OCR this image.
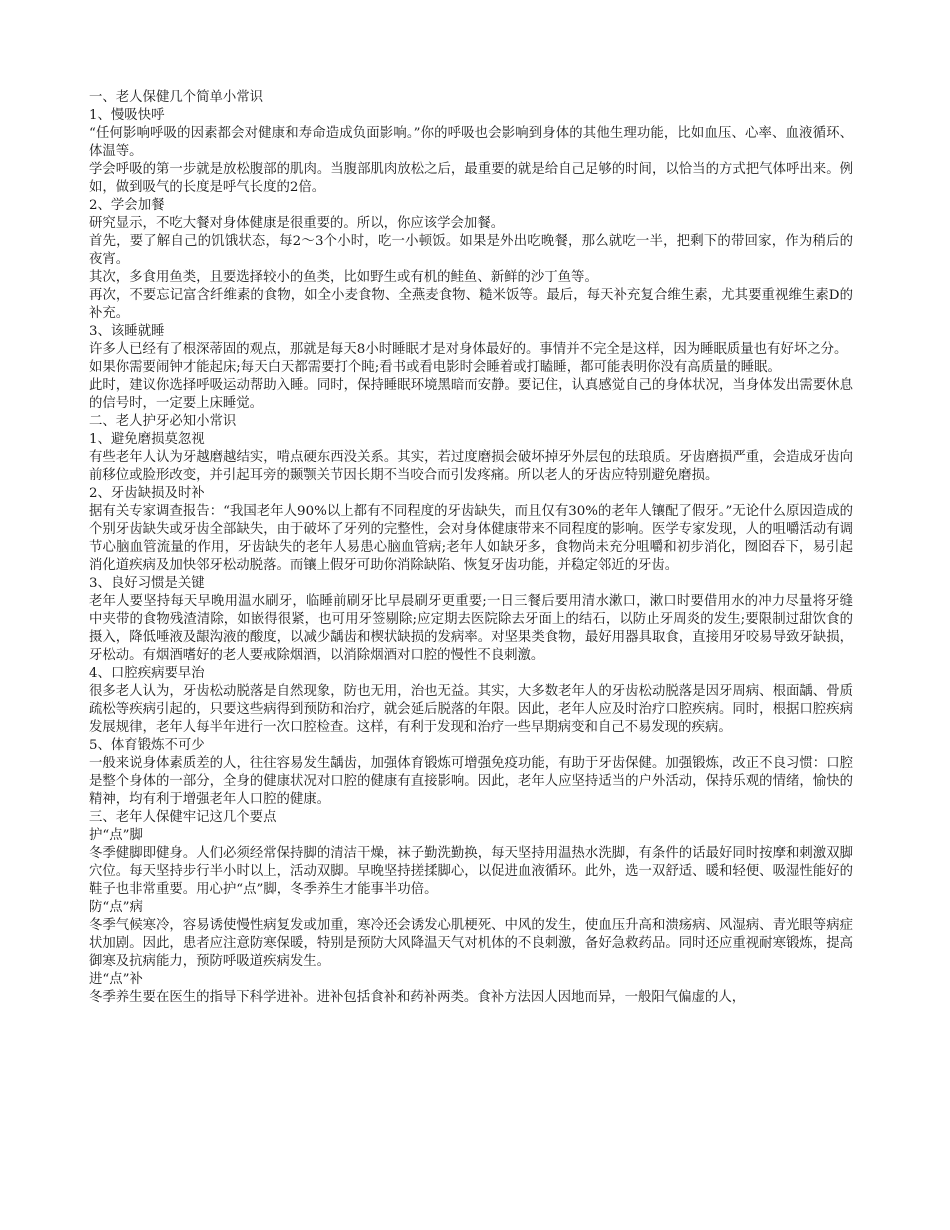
一、老人保健几个简单小常识

1、慢吸快呼

“任何影响呼吸的因素都会对健康和寿命造成负面影响。”你的呼吸也会影响到身体的其他生理功能，比如血压、心率、血液循环、体温等。

学会呼吸的第一步就是放松腹部的肌肉。当腹部肌肉放松之后，最重要的就是给自己足够的时间，以恰当的方式把气体呼出来。例如，做到吸气的长度是呼气长度的2倍。

2、学会加餐

研究显示，不吃大餐对身体健康是很重要的。所以，你应该学会加餐。

首先，要了解自己的饥饿状态，每2～3个小时，吃一小顿饭。如果是外出吃晚餐，那么就吃一半，把剩下的带回家，作为稍后的夜宵。

其次，多食用鱼类，且要选择较小的鱼类，比如野生或有机的鲑鱼、新鲜的沙丁鱼等。

再次，不要忘记富含纤维素的食物，如全小麦食物、全燕麦食物、糙米饭等。最后，每天补充复合维生素，尤其要重视维生素D的补充。

3、该睡就睡

许多人已经有了根深蒂固的观点，那就是每天8小时睡眠才是对身体最好的。事情并不完全是这样，因为睡眠质量也有好坏之分。

如果你需要闹钟才能起床;每天白天都需要打个盹;看书或看电影时会睡着或打瞌睡，都可能表明你没有高质量的睡眠。

此时，建议你选择呼吸运动帮助入睡。同时，保持睡眠环境黑暗而安静。要记住，认真感觉自己的身体状况，当身体发出需要休息的信号时，一定要上床睡觉。

二、老人护牙必知小常识

1、避免磨损莫忽视

有些老年人认为牙越磨越结实，啃点硬东西没关系。其实，若过度磨损会破坏掉牙外层包的珐琅质。牙齿磨损严重，会造成牙齿向前移位或脸形改变，并引起耳旁的颞颚关节因长期不当咬合而引发疼痛。所以老人的牙齿应特别避免磨损。

2、牙齿缺损及时补

据有关专家调查报告：“我国老年人90%以上都有不同程度的牙齿缺失，而且仅有30%的老年人镶配了假牙。”无论什么原因造成的个别牙齿缺失或牙齿全部缺失，由于破坏了牙列的完整性，会对身体健康带来不同程度的影响。医学专家发现，人的咀嚼活动有调节心脑血管流量的作用，牙齿缺失的老年人易患心脑血管病;老年人如缺牙多，食物尚未充分咀嚼和初步消化，囫囵吞下，易引起消化道疾病及加快邻牙松动脱落。而镶上假牙可助你消除缺陷、恢复牙齿功能，并稳定邻近的牙齿。

3、良好习惯是关键

老年人要坚持每天早晚用温水刷牙，临睡前刷牙比早晨刷牙更重要;一日三餐后要用清水漱口，漱口时要借用水的冲力尽量将牙缝中夹带的食物残渣清除，如嵌得很紧，也可用牙签剔除;应定期去医院除去牙面上的结石，以防止牙周炎的发生;要限制过甜饮食的摄入，降低唾液及龈沟液的酸度，以减少龋齿和楔状缺损的发病率。对坚果类食物，最好用器具取食，直接用牙咬易导致牙缺损，牙松动。有烟酒嗜好的老人要戒除烟酒，以消除烟酒对口腔的慢性不良刺激。

4、口腔疾病要早治

很多老人认为，牙齿松动脱落是自然现象，防也无用，治也无益。其实，大多数老年人的牙齿松动脱落是因牙周病、根面龋、骨质疏松等疾病引起的，只要这些病得到预防和治疗，就会延后脱落的年限。因此，老年人应及时治疗口腔疾病。同时，根据口腔疾病发展规律，老年人每半年进行一次口腔检查。这样，有利于发现和治疗一些早期病变和自己不易发现的疾病。

5、体育锻炼不可少

一般来说身体素质差的人，往往容易发生龋齿，加强体育锻炼可增强免疫功能，有助于牙齿保健。加强锻炼，改正不良习惯：口腔是整个身体的一部分，全身的健康状况对口腔的健康有直接影响。因此，老年人应坚持适当的户外活动，保持乐观的情绪，愉快的精神，均有利于增强老年人口腔的健康。

三、老年人保健牢记这几个要点

护“点”脚

冬季健脚即健身。人们必须经常保持脚的清洁干燥，袜子勤洗勤换，每天坚持用温热水洗脚，有条件的话最好同时按摩和刺激双脚穴位。每天坚持步行半小时以上，活动双脚。早晚坚持搓揉脚心，以促进血液循环。此外，选一双舒适、暖和轻便、吸湿性能好的鞋子也非常重要。用心护“点”脚，冬季养生才能事半功倍。

防“点”病

冬季气候寒冷，容易诱使慢性病复发或加重，寒冷还会诱发心肌梗死、中风的发生，使血压升高和溃疡病、风湿病、青光眼等病症状加剧。因此，患者应注意防寒保暖，特别是预防大风降温天气对机体的不良刺激，备好急救药品。同时还应重视耐寒锻炼，提高御寒及抗病能力，预防呼吸道疾病发生。

进“点”补

冬季养生要在医生的指导下科学进补。进补包括食补和药补两类。食补方法因人因地而异，一般阳气偏虚的人，
